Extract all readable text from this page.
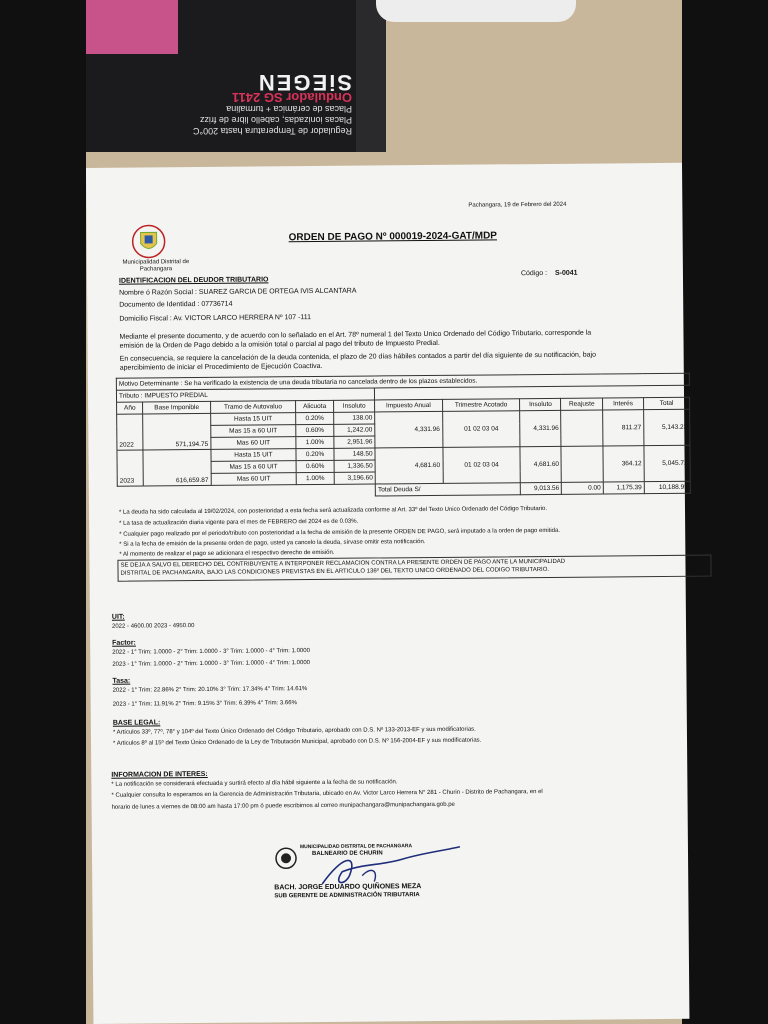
Regulador de Temperatura hasta 200°C
Placas ionizadas, cabello libre de frizz
Placas de cerámica + turmalina
Ondulador SG 2411
SiEGEN
Pachangara, 19 de Febrero del 2024
Municipalidad Distrital de Pachangara
ORDEN DE PAGO Nº 000019-2024-GAT/MDP
IDENTIFICACION DEL DEUDOR TRIBUTARIO
Código : S-0041
Nombre ó Razón Social : SUAREZ GARCIA DE ORTEGA IVIS ALCANTARA
Documento de Identidad : 07736714
Domicilio Fiscal : Av. VICTOR LARCO HERRERA Nº 107 -111
Mediante el presente documento, y de acuerdo con lo señalado en el Art. 78º numeral 1 del Texto Unico Ordenado del Código Tributario, corresponde la
emisión de la Orden de Pago debido a la omisión total o parcial al pago del tributo de Impuesto Predial.
En consecuencia, se requiere la cancelación de la deuda contenida, el plazo de 20 días hábiles contados a partir del día siguiente de su notificación, bajo
apercibimiento de iniciar el Procedimiento de Ejecución Coactiva.
Motivo Determinante : Se ha verificado la existencia de una deuda tributaria no cancelada dentro de los plazos establecidos.										
Tributo : IMPUESTO PREDIAL										
Año	Base Imponible	Tramo de Autovaluo	Alicuota	Insoluto	Impuesto Anual	Trimestre Acotado	Insoluto	Reajuste	Interés	Total
2022	571,194.75	Hasta 15 UIT	0.20%	138.00	4,331.96	01 02 03 04	4,331.96		811.27	5,143.23
		Mas 15 a 60 UIT	0.60%	1,242.00						
		Mas 60 UIT	1.00%	2,951.96						
2023	616,659.87	Hasta 15 UIT	0.20%	148.50	4,681.60	01 02 03 04	4,681.60		364.12	5,045.72
		Mas 15 a 60 UIT	0.60%	1,336.50						
		Mas 60 UIT	1.00%	3,196.60						
					Total Deuda S/		9,013.56	0.00	1,175.39	10,188.95
* La deuda ha sido calculada al 19/02/2024, con posterioridad a esta fecha será actualizada conforme al Art. 33º del Texto Unico Ordenado del Código Tributario.
* La tasa de actualización diaria vigente para el mes de FEBRERO del 2024 es de 0.03%.
* Cualquier pago realizado por el periodo/tributo con posterioridad a la fecha de emisión de la presente ORDEN DE PAGO, será imputado a la orden de pago emitida.
* Si a la fecha de emisión de la presente orden de pago, usted ya cancelo la deuda, sírvase omitir esta notificación.
* Al momento de realizar el pago se adicionara el respectivo derecho de emisión.
SE DEJA A SALVO EL DERECHO DEL CONTRIBUYENTE A INTERPONER RECLAMACION CONTRA LA PRESENTE ORDEN DE PAGO ANTE LA MUNICIPALIDAD
DISTRITAL DE PACHANGARA, BAJO LAS CONDICIONES PREVISTAS EN EL ARTICULO 136º DEL TEXTO UNICO ORDENADO DEL CODIGO TRIBUTARIO.
UIT:
2022 - 4600.00 2023 - 4950.00
Factor:
2022 - 1° Trim: 1.0000 - 2° Trim: 1.0000 - 3° Trim: 1.0000 - 4° Trim: 1.0000
2023 - 1° Trim: 1.0000 - 2° Trim: 1.0000 - 3° Trim: 1.0000 - 4° Trim: 1.0000
Tasa:
2022 - 1° Trim: 22.86% 2° Trim: 20.10% 3° Trim: 17.34% 4° Trim: 14.61%
2023 - 1° Trim: 11.91% 2° Trim: 9.15% 3° Trim: 6.39% 4° Trim: 3.66%
BASE LEGAL:
* Artículos 33º, 77º, 78° y 104º del Texto Único Ordenado del Código Tributario, aprobado con D.S. Nº 133-2013-EF y sus modificatorias.
* Articulos 8º al 15º del Texto Único Ordenado de la Ley de Tributación Municipal, aprobado con D.S. Nº 156-2004-EF y sus modificatorias.
INFORMACION DE INTERES:
* La notificación se considerará efectuada y surtirá efecto al día hábil siguiente a la fecha de su notificación.
* Cualquier consulta lo esperamos en la Gerencia de Administración Tributaria, ubicado en Av. Victor Larco Herrera N° 281 - Churin - Distrito de Pachangara, en el
horario de lunes a viernes de 08:00 am hasta 17:00 pm ó puede escribirnos al correo munipachangara@munipachangara.gob.pe
MUNICIPALIDAD DISTRITAL DE PACHANGARA
BALNEARIO DE CHURIN
BACH. JORGE EDUARDO QUIÑONES MEZA
SUB GERENTE DE ADMINISTRACIÓN TRIBUTARIA
